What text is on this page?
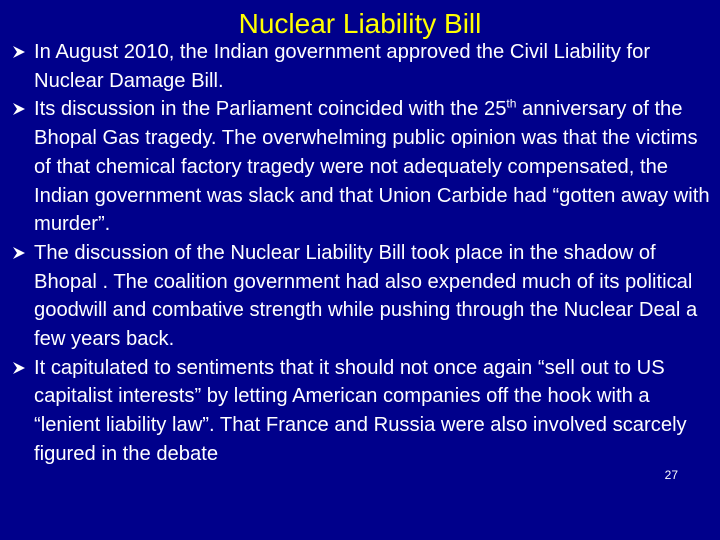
Nuclear Liability Bill
In August 2010, the Indian government approved the Civil Liability for Nuclear Damage Bill.
Its discussion in the Parliament coincided with the 25th anniversary of the Bhopal Gas tragedy. The overwhelming public opinion was that the victims of that chemical factory tragedy were not adequately compensated, the Indian government was slack and that Union Carbide had “gotten away with murder”.
The discussion of the Nuclear Liability Bill took place in the shadow of Bhopal . The coalition government had also expended much of its political goodwill and combative strength while pushing through the Nuclear Deal a few years back.
It capitulated to sentiments that it should not once again “sell out to US capitalist interests” by letting American companies off the hook with a “lenient liability law”. That France and Russia were also involved scarcely figured in the debate
27
